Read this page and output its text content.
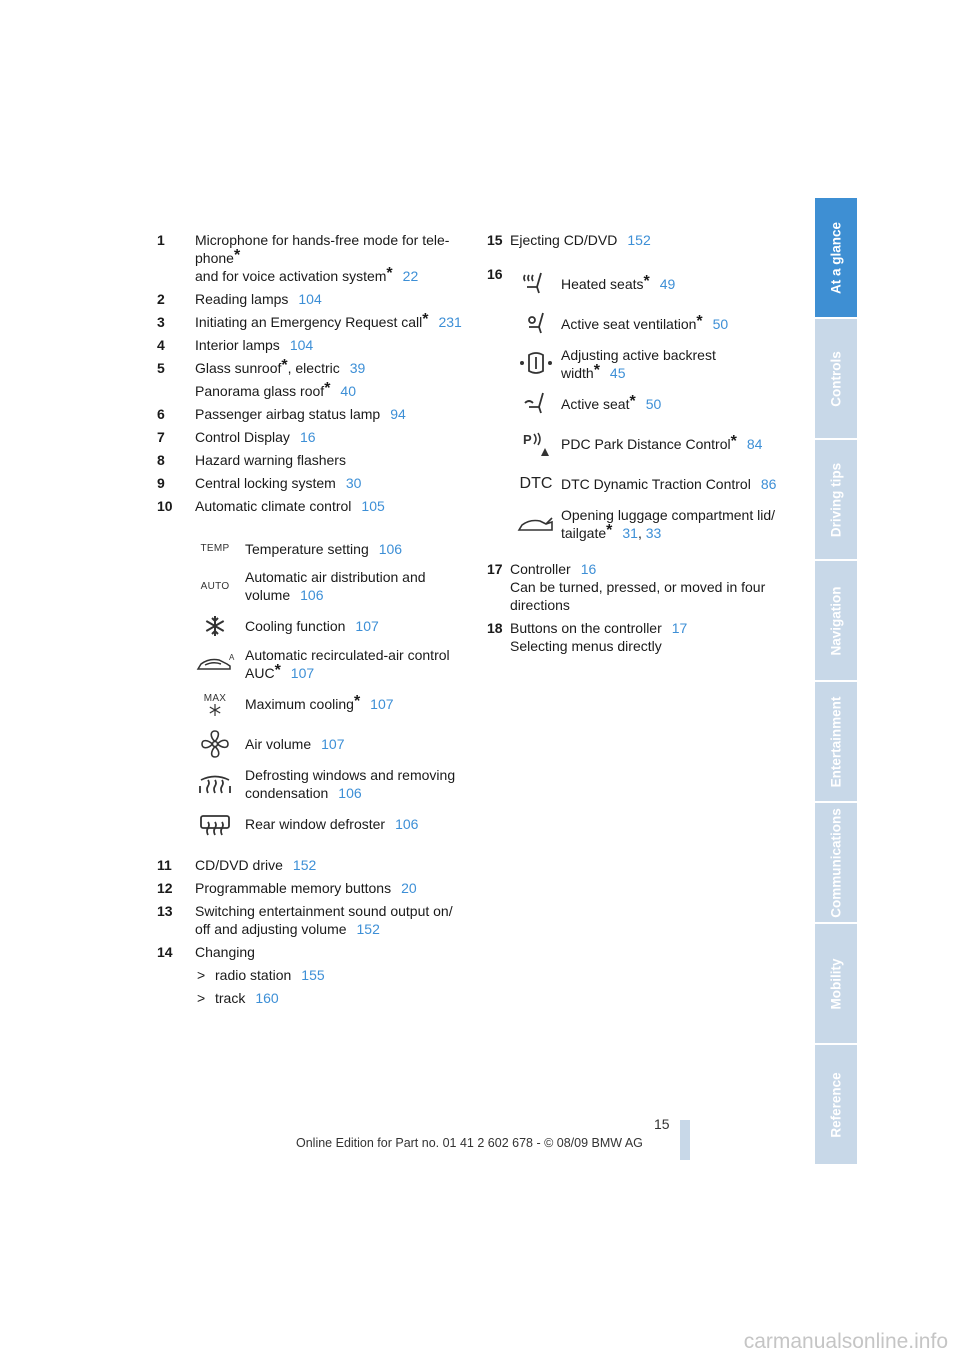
1 Microphone for hands-free mode for tele-
phone*
and for voice activation system* 22
2 Reading lamps 104
3 Initiating an Emergency Request call* 231
4 Interior lamps 104
5 Glass sunroof*, electric 39
Panorama glass roof* 40
6 Passenger airbag status lamp 94
7 Control Display 16
8 Hazard warning flashers
9 Central locking system 30
10 Automatic climate control 105
TEMP Temperature setting 106
AUTO
Automatic air distribution and
volume 106
Cooling function 107
A Automatic recirculated-air control
AUC* 107
MAX Maximum cooling* 107
Air volume 107
Defrosting windows and removing
condensation 106
Rear window defroster 106
11 CD/DVD drive 152
12 Programmable memory buttons 20
13 Switching entertainment sound output on/
off and adjusting volume 152
14 Changing
> radio station 155
> track 160
15 Ejecting CD/DVD 152
16
Heated seats* 49
Active seat ventilation* 50
Adjusting active backrest
width* 45
Active seat* 50
P PDC Park Distance Control* 84
DTC DTC Dynamic Traction Control 86
Opening luggage compartment lid/
tailgate* 31, 33
17 Controller 16
Can be turned, pressed, or moved in four
directions
18 Buttons on the controller 17
Selecting menus directly
At a glance
Controls
Driving tips
Navigation
Entertainment
Communications
Mobility
Reference
15
Online Edition for Part no. 01 41 2 602 678 - © 08/09 BMW AG
carmanualsonline.info
